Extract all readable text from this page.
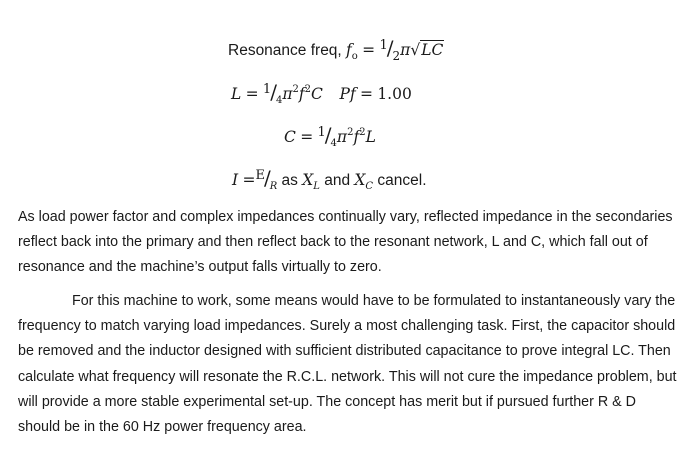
Resonance freq, $f_o = ^1/_2\pi√LC$
$L = ^1/_4\pi^2f^2C$ Pf = 1.00
$C = ^1/_4\pi^2f^2L$
$I =^E/_R$ as $X_L$ and $X_C$ cancel.

As load power factor and complex impedances continually vary, reflected impedance in the secondaries reflect back into the primary and then reflect back to the resonant network, L and C, which fall out of resonance and the machine’s output falls virtually to zero.

For this machine to work, some means would have to be formulated to instantaneously vary the frequency to match varying load impedances. Surely a most challenging task. First, the capacitor should be removed and the inductor designed with sufficient distributed capacitance to prove integral LC. Then calculate what frequency will resonate the R.C.L. network. This will not cure the impedance problem, but will provide a more stable experimental set-up. The concept has merit but if pursued further R & D should be in the 60 Hz power frequency area.
